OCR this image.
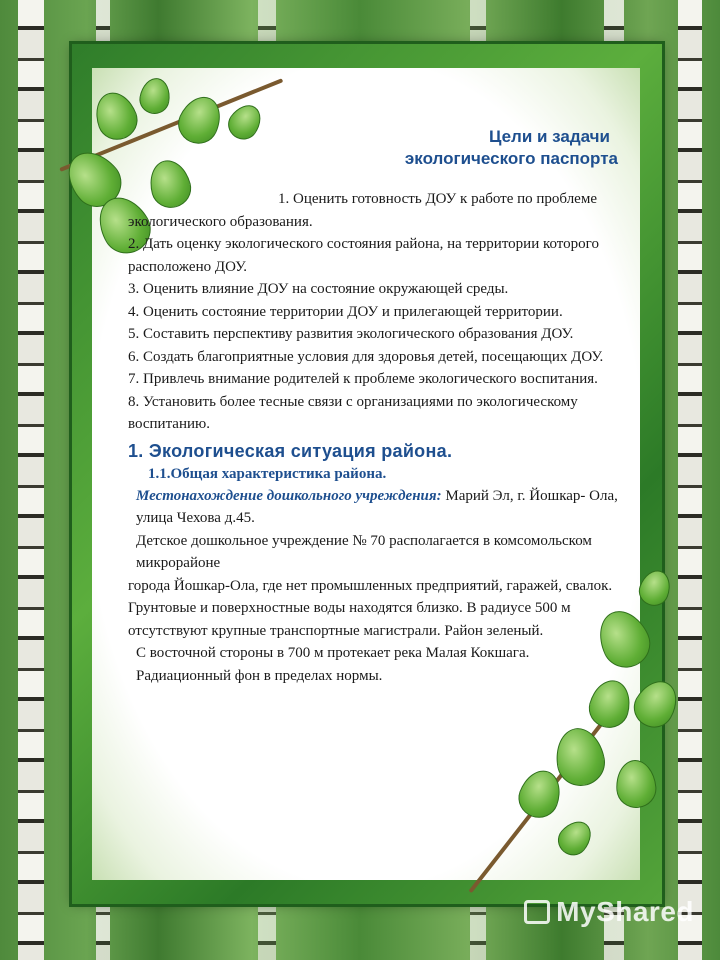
Цели и задачи
экологического паспорта

1. Оценить готовность ДОУ к работе по проблеме экологического образования.

2. Дать оценку экологического состояния района, на территории которого расположено ДОУ.

3. Оценить влияние ДОУ на состояние окружающей среды.

4. Оценить состояние территории ДОУ и прилегающей территории.

5. Составить перспективу развития экологического образования ДОУ.

6. Создать благоприятные условия для здоровья детей, посещающих ДОУ.

7. Привлечь внимание родителей к проблеме экологического воспитания.

8. Установить более тесные связи с организациями по экологическому воспитанию.

1. Экологическая ситуация района.
1.1.Общая характеристика района.

Местонахождение дошкольного учреждения: Марий Эл, г. Йошкар- Ола, улица Чехова д.45.

Детское дошкольное учреждение № 70 располагается в комсомольском микрорайоне

города Йошкар-Ола, где нет промышленных предприятий, гаражей, свалок.

Грунтовые и поверхностные воды находятся близко. В радиусе 500 м отсутствуют крупные транспортные магистрали. Район зеленый.

С восточной стороны в 700 м протекает река Малая Кокшага. Радиационный фон в пределах нормы.

MyShared
